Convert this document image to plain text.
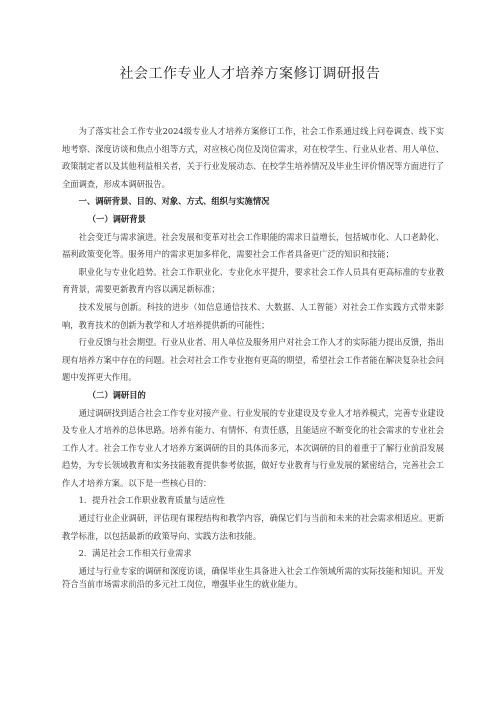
社会工作专业人才培养方案修订调研报告

为了落实社会工作专业2024级专业人才培养方案修订工作，社会工作系通过线上问卷调查、线下实地考察、深度访谈和焦点小组等方式，对应核心岗位及岗位需求，对在校学生、行业从业者、用人单位、政策制定者以及其他利益相关者，关于行业发展动态、在校学生培养情况及毕业生评价情况等方面进行了全面调查，形成本调研报告。

一、调研背景、目的、对象、方式、组织与实施情况

（一）调研背景

社会变迁与需求演进。社会发展和变革对社会工作职能的需求日益增长，包括城市化、人口老龄化、福利政策变化等。服务用户的需求更加多样化，需要社会工作者具备更广泛的知识和技能；

职业化与专业化趋势。社会工作职业化、专业化水平提升，要求社会工作人员具有更高标准的专业教育背景，需要更新教育内容以满足新标准；

技术发展与创新。科技的进步（如信息通信技术、大数据、人工智能）对社会工作实践方式带来影响，教育技术的创新为教学和人才培养提供新的可能性；

行业反馈与社会期望。行业从业者、用人单位及服务用户对社会工作人才的实际能力提出反馈，指出现有培养方案中存在的问题。社会对社会工作专业抱有更高的期望，希望社会工作者能在解决复杂社会问题中发挥更大作用。

（二）调研目的

通过调研找到适合社会工作专业对接产业、行业发展的专业建设及专业人才培养模式，完善专业建设及专业人才培养的总体思路。培养有能力、有情怀、有责任感，且能适应不断变化的社会需求的专业社会工作人才。社会工作专业人才培养方案调研的目的具体而多元，本次调研的目的着重于了解行业前沿发展趋势，为专长领域教育和实务技能教育提供参考依据，做好专业教育与行业发展的紧密结合，完善社会工作人才培养方案。以下是一些核心目的：

1．提升社会工作职业教育质量与适应性

通过行业企业调研，评估现有课程结构和教学内容，确保它们与当前和未来的社会需求相适应。更新教学标准，以包括最新的政策导向、实践方法和技能。

2．满足社会工作相关行业需求

通过与行业专家的调研和深度访谈，确保毕业生具备进入社会工作领域所需的实际技能和知识。开发符合当前市场需求前沿的多元社工岗位，增强毕业生的就业能力。
